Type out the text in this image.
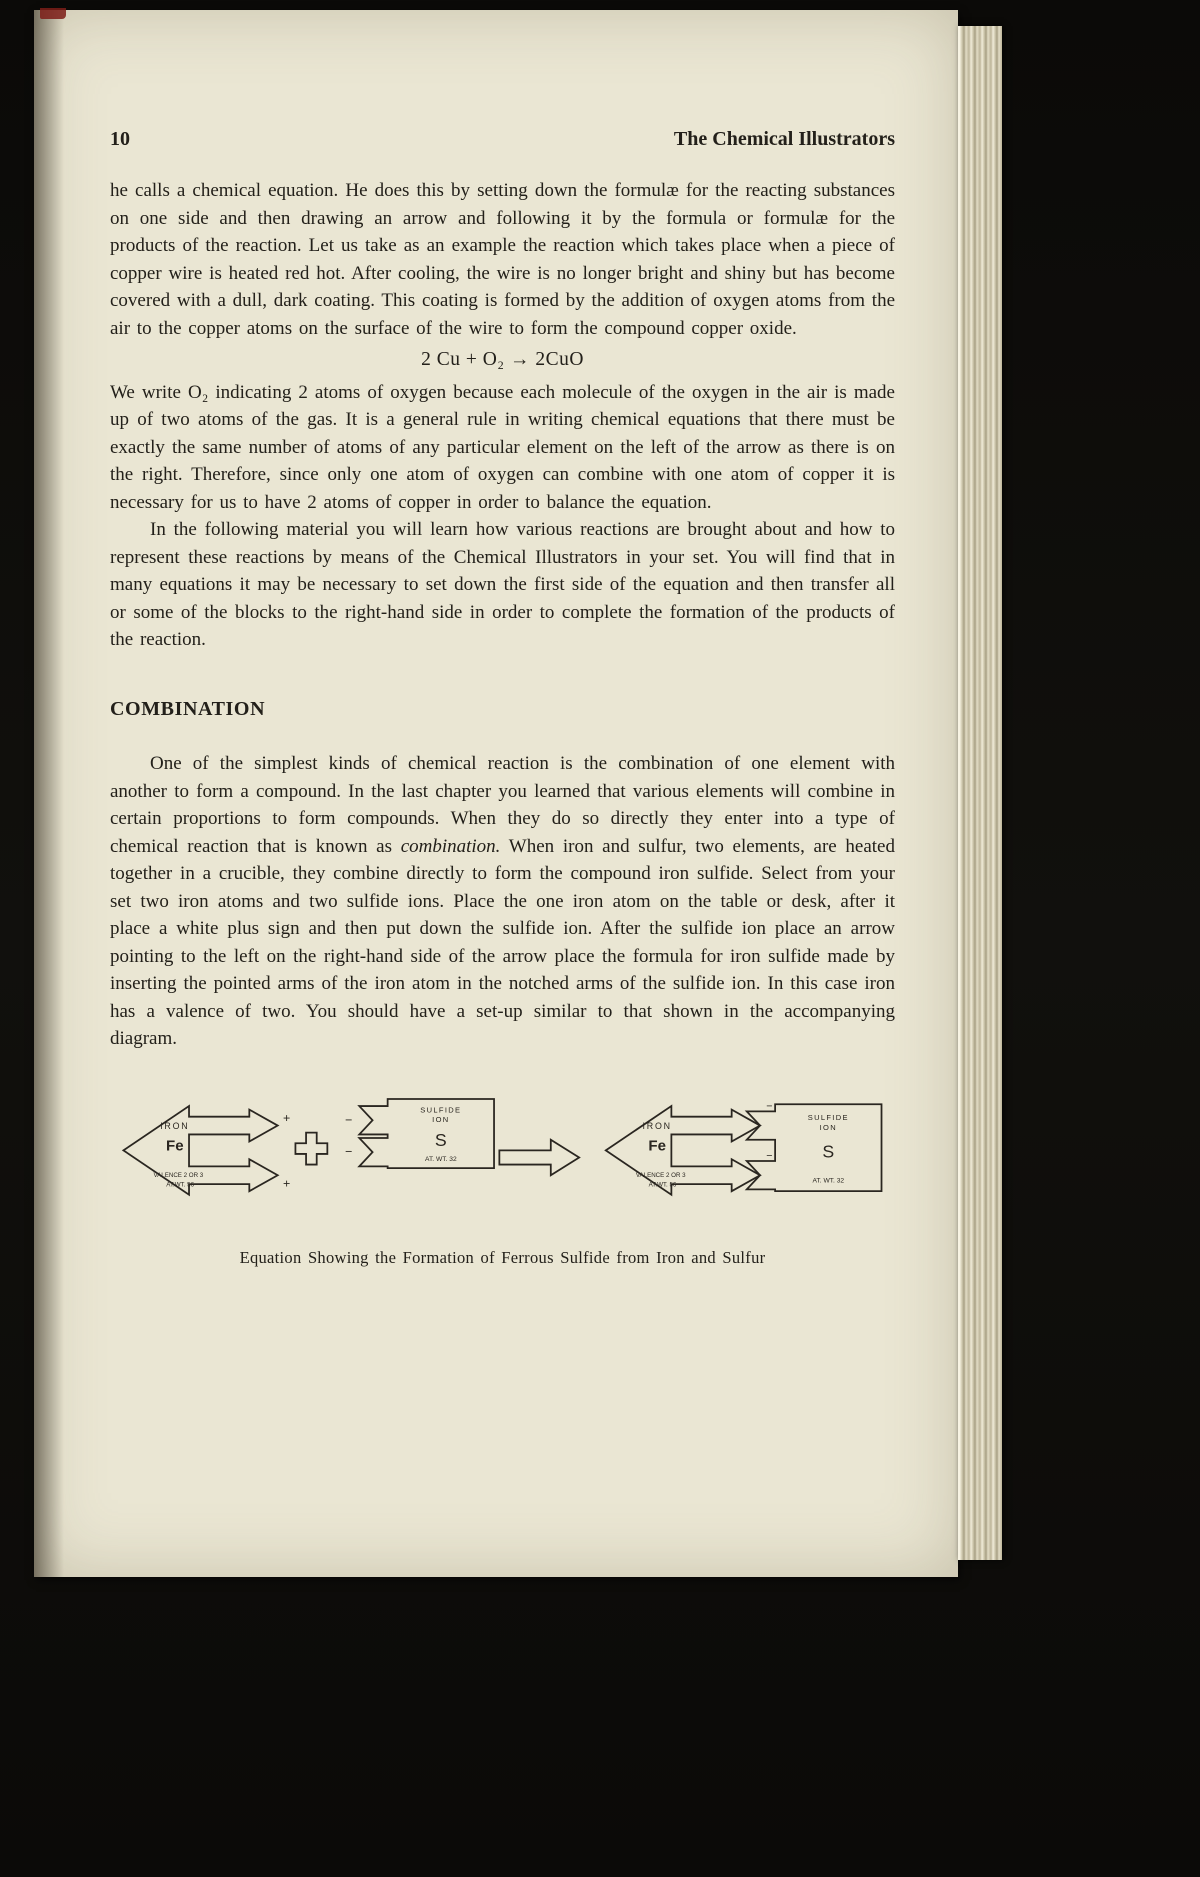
10	The Chemical Illustrators

he calls a chemical equation. He does this by setting down the formulæ for the reacting substances on one side and then drawing an arrow and following it by the formula or formulæ for the products of the reaction. Let us take as an example the reaction which takes place when a piece of copper wire is heated red hot. After cooling, the wire is no longer bright and shiny but has become covered with a dull, dark coating. This coating is formed by the addition of oxygen atoms from the air to the copper atoms on the surface of the wire to form the compound copper oxide.

2 Cu + O₂ → 2CuO

We write O₂ indicating 2 atoms of oxygen because each molecule of the oxygen in the air is made up of two atoms of the gas. It is a general rule in writing chemical equations that there must be exactly the same number of atoms of any particular element on the left of the arrow as there is on the right. Therefore, since only one atom of oxygen can combine with one atom of copper it is necessary for us to have 2 atoms of copper in order to balance the equation.

In the following material you will learn how various reactions are brought about and how to represent these reactions by means of the Chemical Illustrators in your set. You will find that in many equations it may be necessary to set down the first side of the equation and then transfer all or some of the blocks to the right-hand side in order to complete the formation of the products of the reaction.

COMBINATION

One of the simplest kinds of chemical reaction is the combination of one element with another to form a compound. In the last chapter you learned that various elements will combine in certain proportions to form compounds. When they do so directly they enter into a type of chemical reaction that is known as combination. When iron and sulfur, two elements, are heated together in a crucible, they combine directly to form the compound iron sulfide. Select from your set two iron atoms and two sulfide ions. Place the one iron atom on the table or desk, after it place a white plus sign and then put down the sulfide ion. After the sulfide ion place an arrow pointing to the left on the right-hand side of the arrow place the formula for iron sulfide made by inserting the pointed arms of the iron atom in the notched arms of the sulfide ion. In this case iron has a valence of two. You should have a set-up similar to that shown in the accompanying diagram.

IRON
Fe
VALENCE 2 OR 3
AT.WT. 56
+
+
SULFIDE
ION
S
AT. WT. 32
−
−
IRON
Fe
VALENCE 2 OR 3
AT.WT. 56
SULFIDE
ION
S
AT. WT. 32
−
−
Equation Showing the Formation of Ferrous Sulfide from Iron and Sulfur
